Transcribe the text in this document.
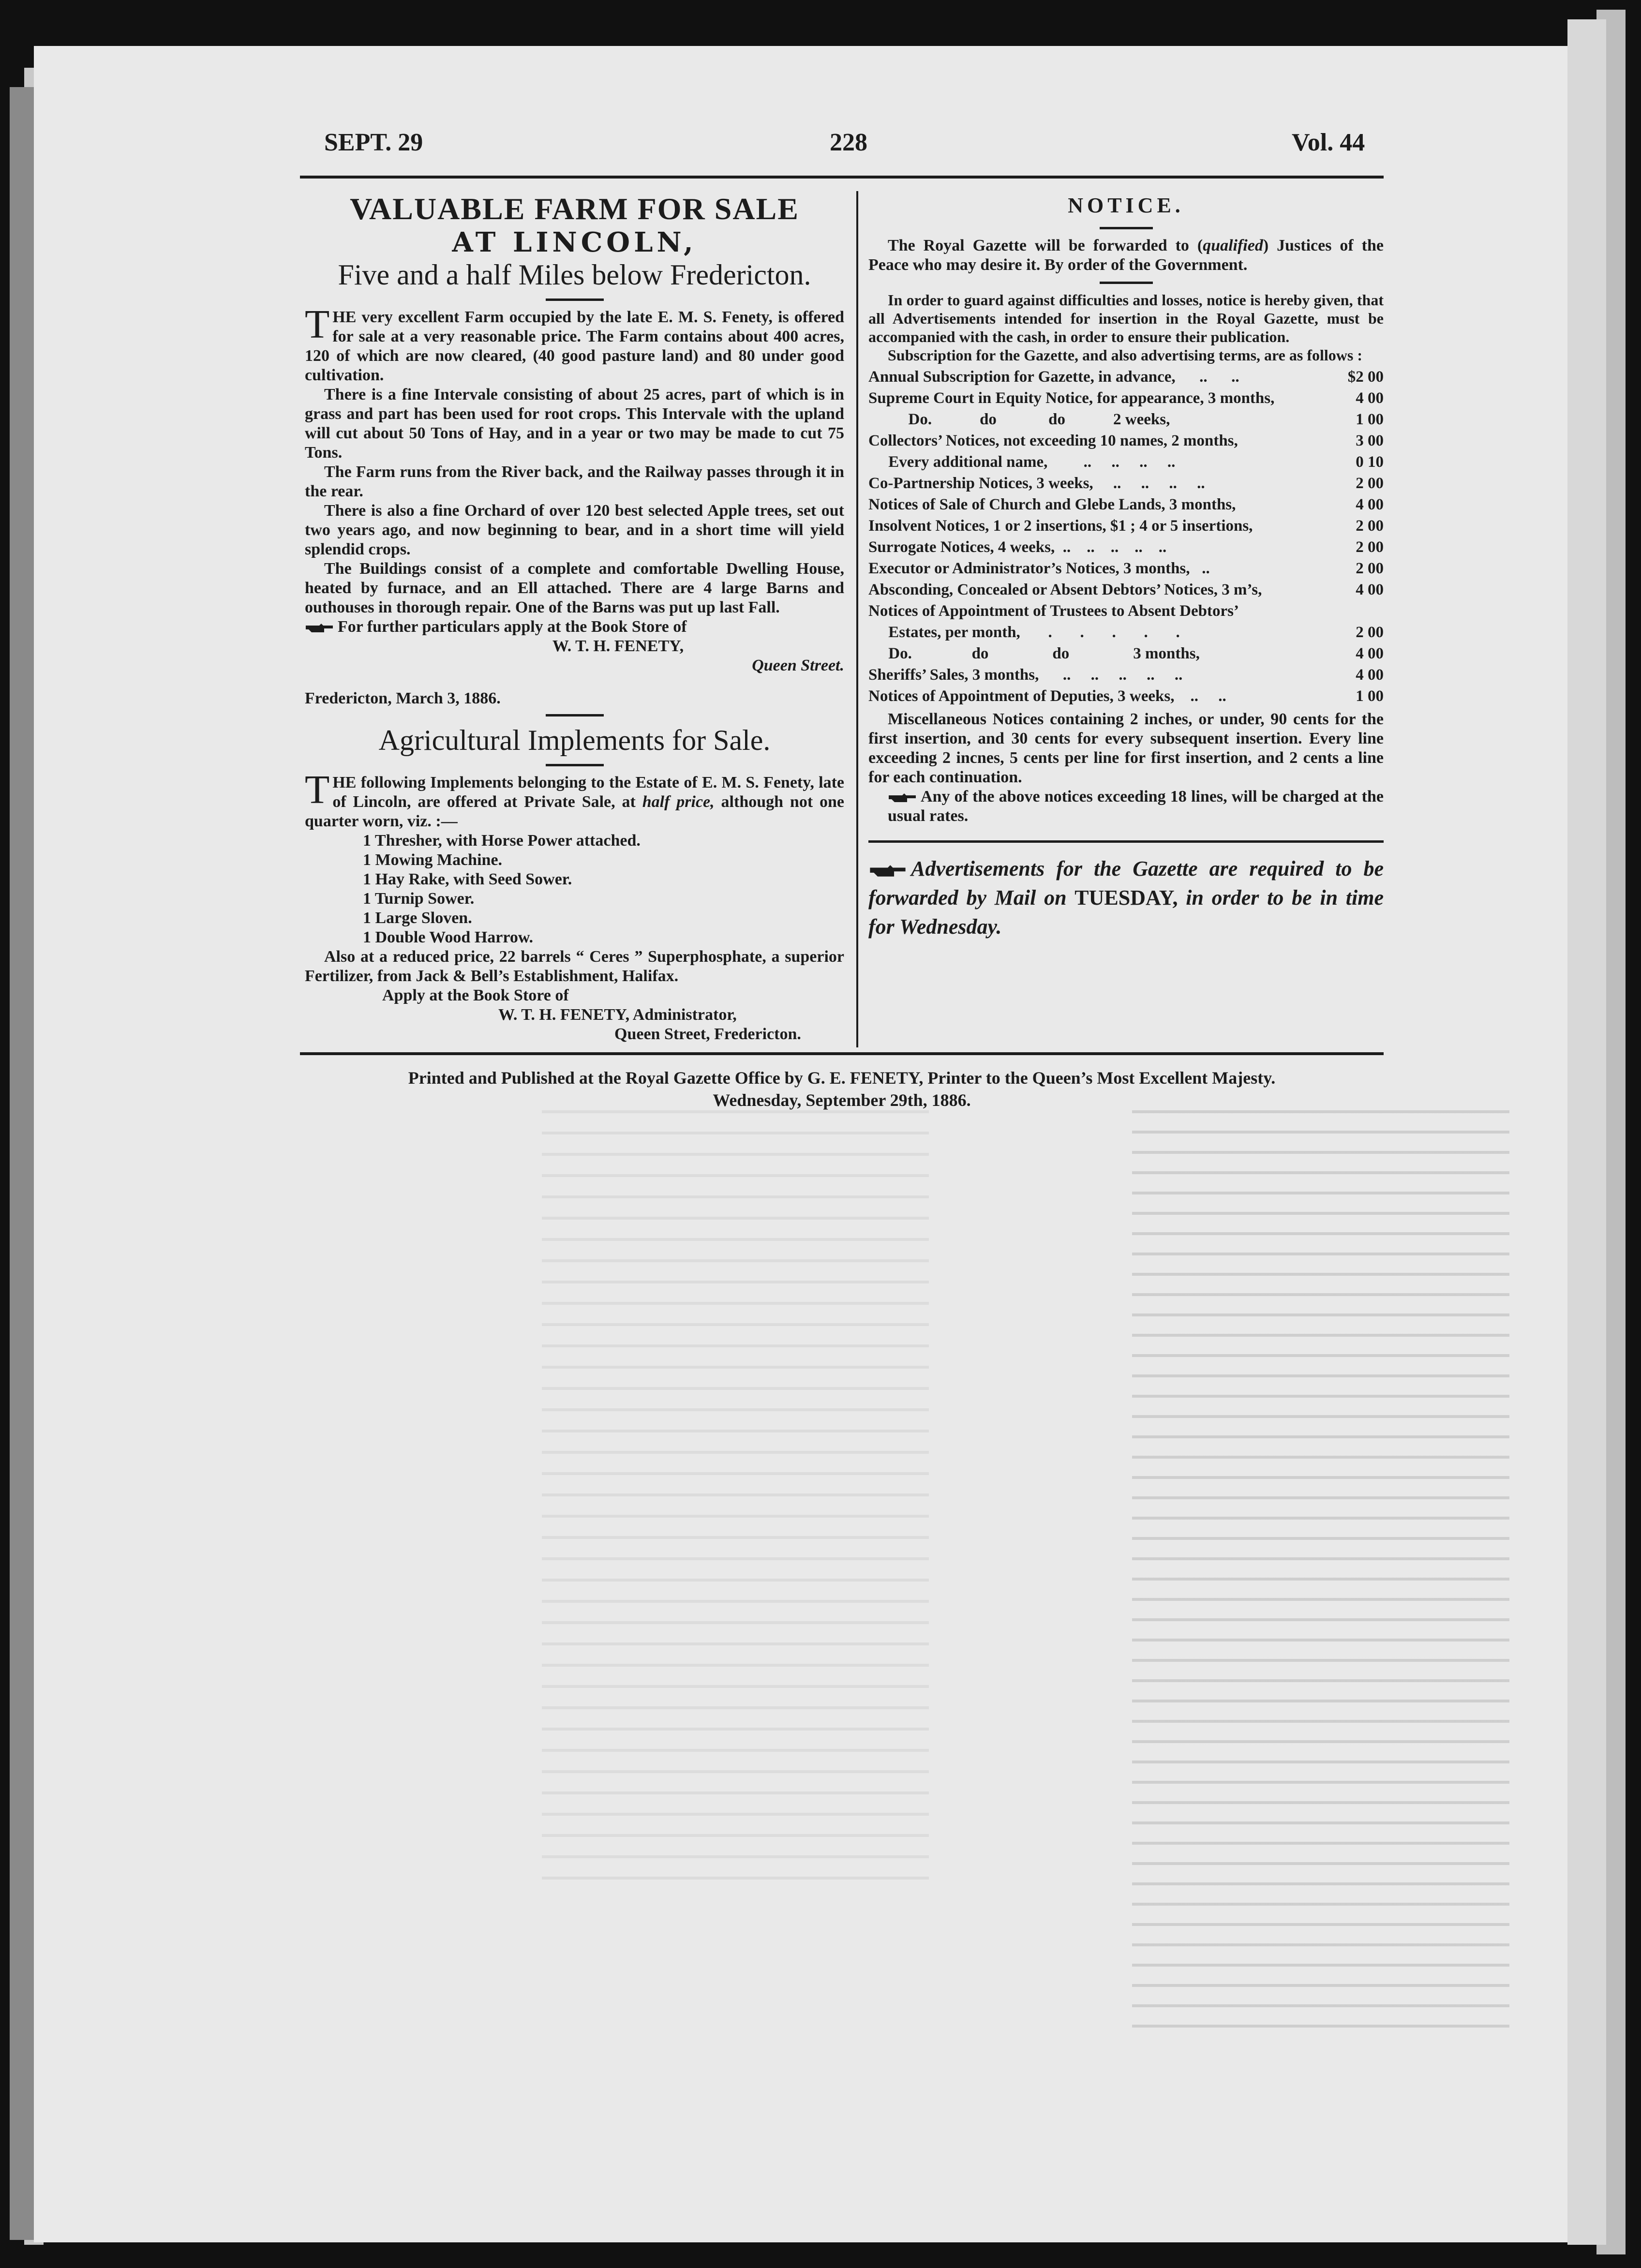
SEPT. 29	228	Vol. 44
VALUABLE FARM FOR SALE
AT LINCOLN,
Five and a half Miles below Fredericton.
T HE very excellent Farm occupied by the late E. M. S. Fenety, is offered for sale at a very reasonable price. The Farm contains about 400 acres, 120 of which are now cleared, (40 good pasture land) and 80 under good cultivation.
There is a fine Intervale consisting of about 25 acres, part of which is in grass and part has been used for root crops. This Intervale with the upland will cut about 50 Tons of Hay, and in a year or two may be made to cut 75 Tons.
The Farm runs from the River back, and the Railway passes through it in the rear.
There is also a fine Orchard of over 120 best selected Apple trees, set out two years ago, and now beginning to bear, and in a short time will yield splendid crops.
The Buildings consist of a complete and comfortable Dwelling House, heated by furnace, and an Ell attached. There are 4 large Barns and outhouses in thorough repair. One of the Barns was put up last Fall.
For further particulars apply at the Book Store of
W. T. H. FENETY,
Queen Street.
Fredericton, March 3, 1886.
Agricultural Implements for Sale.
T HE following Implements belonging to the Estate of E. M. S. Fenety, late of Lincoln, are offered at Private Sale, at half price, although not one quarter worn, viz. :—
1 Thresher, with Horse Power attached.
1 Mowing Machine.
1 Hay Rake, with Seed Sower.
1 Turnip Sower.
1 Large Sloven.
1 Double Wood Harrow.
Also at a reduced price, 22 barrels “ Ceres ” Superphosphate, a superior Fertilizer, from Jack & Bell’s Establishment, Halifax.
Apply at the Book Store of
W. T. H. FENETY, Administrator,
Queen Street, Fredericton.
NOTICE.
The Royal Gazette will be forwarded to (qualified) Justices of the Peace who may desire it. By order of the Government.
In order to guard against difficulties and losses, notice is hereby given, that all Advertisements intended for insertion in the Royal Gazette, must be accompanied with the cash, in order to ensure their publication.
Subscription for the Gazette, and also advertising terms, are as follows :
Annual Subscription for Gazette, in advance,      ..      ..	$2 00
Supreme Court in Equity Notice, for appearance, 3 months,	4 00
Do.            do             do            2 weeks,	1 00
Collectors’ Notices, not exceeding 10 names, 2 months,	3 00
Every additional name,         ..     ..     ..     ..	0 10
Co-Partnership Notices, 3 weeks,     ..     ..     ..     ..	2 00
Notices of Sale of Church and Glebe Lands, 3 months,	4 00
Insolvent Notices, 1 or 2 insertions, $1 ; 4 or 5 insertions,	2 00
Surrogate Notices, 4 weeks,  ..    ..    ..    ..    ..	2 00
Executor or Administrator’s Notices, 3 months,   ..	2 00
Absconding, Concealed or Absent Debtors’ Notices, 3 m’s,	4 00
Notices of Appointment of Trustees to Absent Debtors’
Estates, per month,       .       .       .       .       .	2 00
Do.               do                do                3 months,	4 00
Sheriffs’ Sales, 3 months,      ..     ..     ..     ..     ..	4 00
Notices of Appointment of Deputies, 3 weeks,    ..     ..	1 00
Miscellaneous Notices containing 2 inches, or under, 90 cents for the first insertion, and 30 cents for every subsequent insertion. Every line exceeding 2 incnes, 5 cents per line for first insertion, and 2 cents a line for each continuation.
Any of the above notices exceeding 18 lines, will be charged at the usual rates.
Advertisements for the Gazette are required to be forwarded by Mail on TUESDAY, in order to be in time for Wednesday.
Printed and Published at the Royal Gazette Office by G. E. FENETY, Printer to the Queen’s Most Excellent Majesty.
Wednesday, September 29th, 1886.
